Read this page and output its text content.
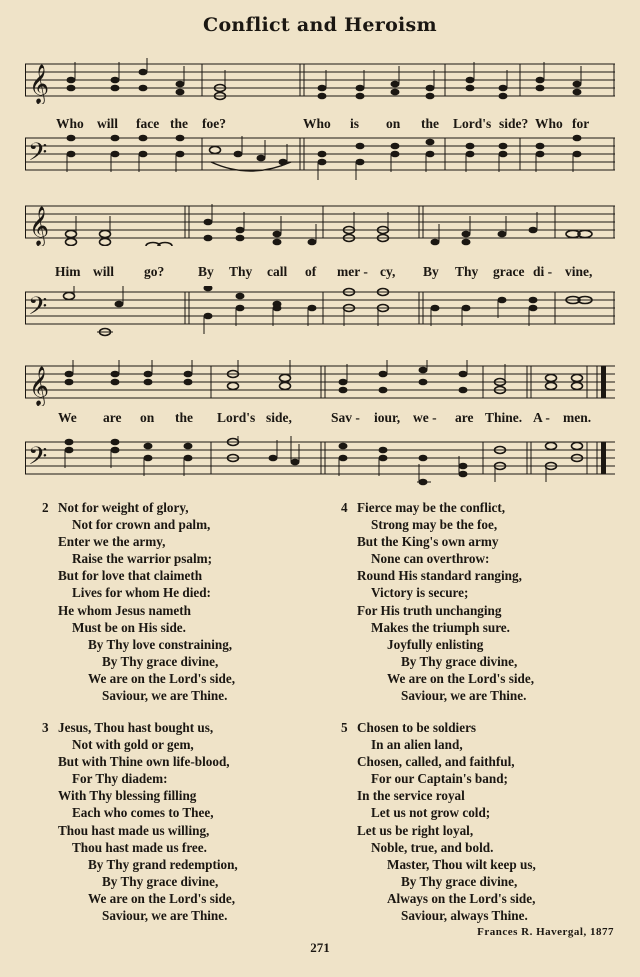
Conflict and Heroism
𝄞
Who will face the foe?	Who is on the Lord's side? Who for
𝄢
𝄞
Him will go?	By Thy call of mer - cy, By Thy grace di - vine,
𝄢
𝄞
We are on the Lord's side,	Sav - iour, we - are Thine. A - men.
𝄢
2 Not for weight of glory,
Not for crown and palm,
Enter we the army,
Raise the warrior psalm;
But for love that claimeth
Lives for whom He died:
He whom Jesus nameth
Must be on His side.
By Thy love constraining,
By Thy grace divine,
We are on the Lord's side,
Saviour, we are Thine.
4 Fierce may be the conflict,
Strong may be the foe,
But the King's own army
None can overthrow:
Round His standard ranging,
Victory is secure;
For His truth unchanging
Makes the triumph sure.
Joyfully enlisting
By Thy grace divine,
We are on the Lord's side,
Saviour, we are Thine.
3 Jesus, Thou hast bought us,
Not with gold or gem,
But with Thine own life-blood,
For Thy diadem:
With Thy blessing filling
Each who comes to Thee,
Thou hast made us willing,
Thou hast made us free.
By Thy grand redemption,
By Thy grace divine,
We are on the Lord's side,
Saviour, we are Thine.
5 Chosen to be soldiers
In an alien land,
Chosen, called, and faithful,
For our Captain's band;
In the service royal
Let us not grow cold;
Let us be right loyal,
Noble, true, and bold.
Master, Thou wilt keep us,
By Thy grace divine,
Always on the Lord's side,
Saviour, always Thine.
Frances R. Havergal, 1877
271
